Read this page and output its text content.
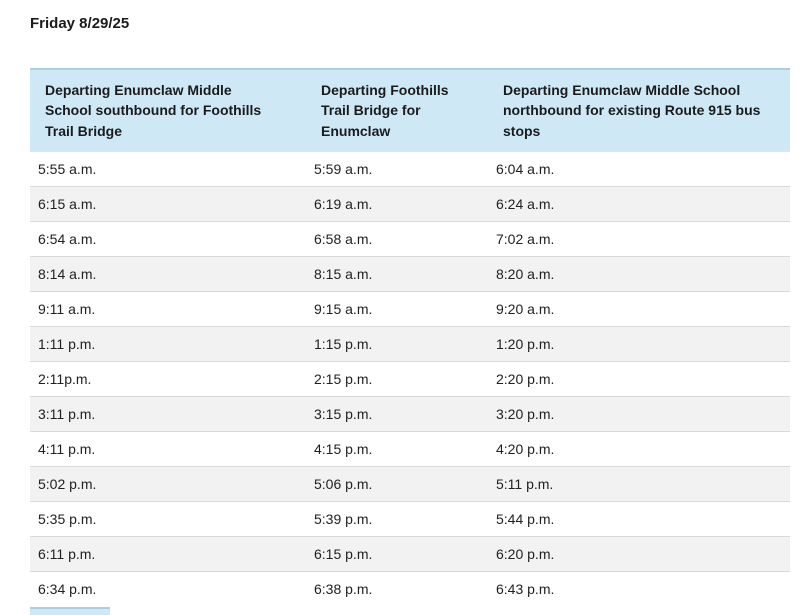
Friday 8/29/25
Departing Enumclaw Middle School southbound for Foothills Trail Bridge	Departing Foothills Trail Bridge for Enumclaw	Departing Enumclaw Middle School northbound for existing Route 915 bus stops
5:55 a.m.	5:59 a.m.	6:04 a.m.
6:15 a.m.	6:19 a.m.	6:24 a.m.
6:54 a.m.	6:58 a.m.	7:02 a.m.
8:14 a.m.	8:15 a.m.	8:20 a.m.
9:11 a.m.	9:15 a.m.	9:20 a.m.
1:11 p.m.	1:15 p.m.	1:20 p.m.
2:11p.m.	2:15 p.m.	2:20 p.m.
3:11 p.m.	3:15 p.m.	3:20 p.m.
4:11 p.m.	4:15 p.m.	4:20 p.m.
5:02 p.m.	5:06 p.m.	5:11 p.m.
5:35 p.m.	5:39 p.m.	5:44 p.m.
6:11 p.m.	6:15 p.m.	6:20 p.m.
6:34 p.m.	6:38 p.m.	6:43 p.m.
